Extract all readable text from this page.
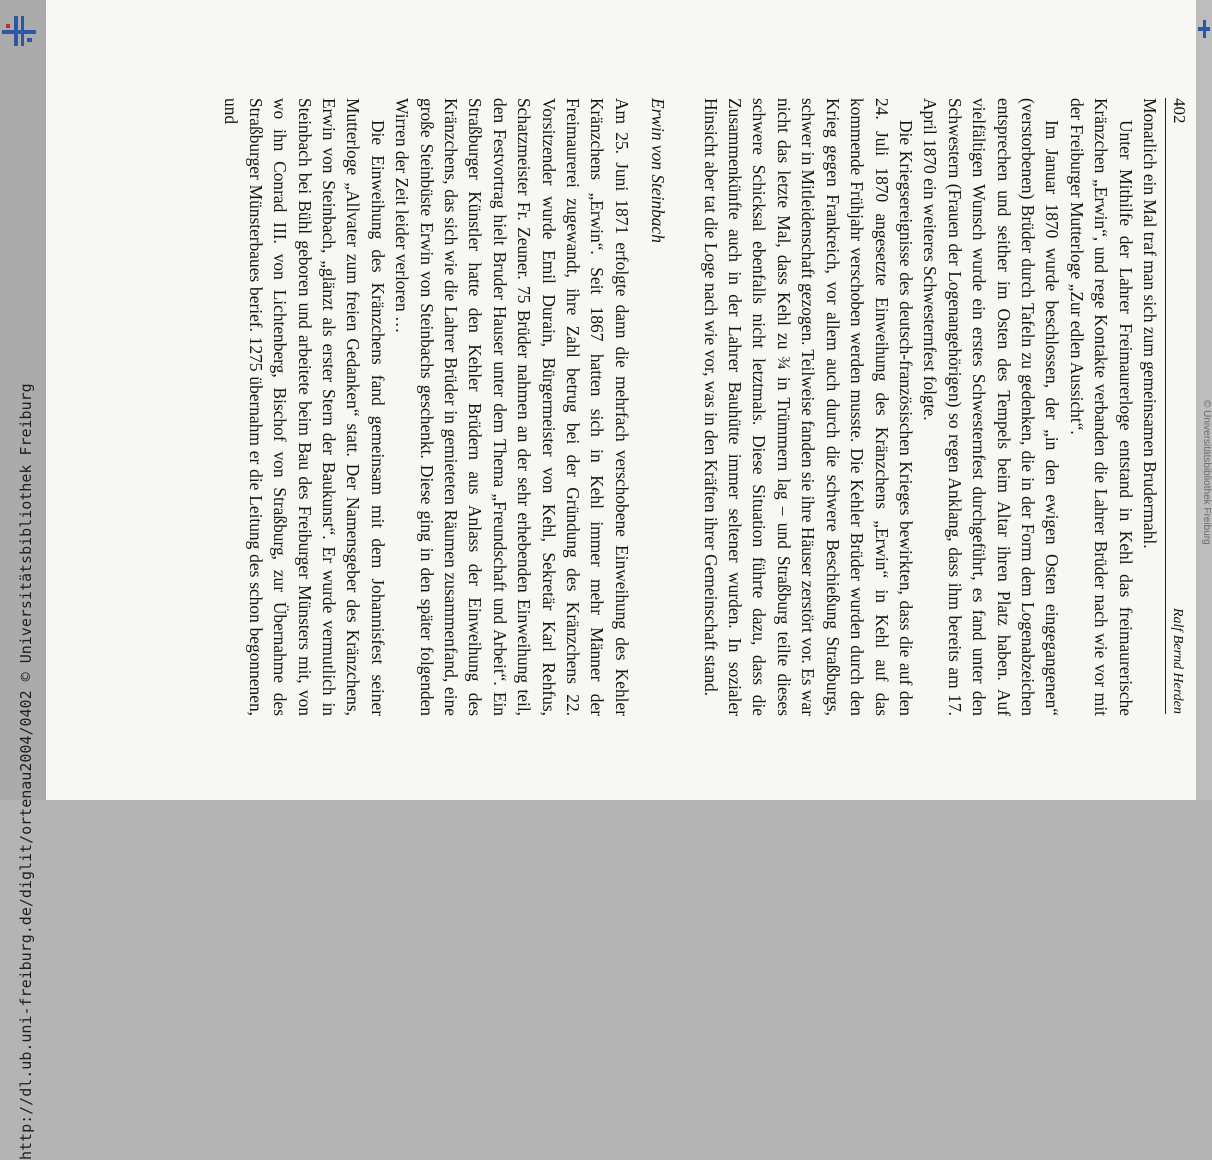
http://dl.ub.uni-freiburg.de/diglit/ortenau2004/0402 © Universitätsbibliothek Freiburg	© Universitätsbibliothek Freiburg
402
Ralf Bernd Herden

Monatlich ein Mal traf man sich zum gemeinsamen Brudermahl.

Unter Mithilfe der Lahrer Freimaurerloge entstand in Kehl das freimaurerische Kränzchen „Erwin“, und rege Kontakte verbanden die Lahrer Brüder nach wie vor mit der Freiburger Mutterloge „Zur edlen Aussicht“.

Im Januar 1870 wurde beschlossen, der „in den ewigen Osten eingegangenen“ (verstorbenen) Brüder durch Tafeln zu gedenken, die in der Form dem Logenabzeichen entsprechen und seither im Osten des Tempels beim Altar ihren Platz haben. Auf vielfältigen Wunsch wurde ein erstes Schwesternfest durchgeführt, es fand unter den Schwestern (Frauen der Logenangehörigen) so regen Anklang, dass ihm bereits am 17. April 1870 ein weiteres Schwesternfest folgte.

Die Kriegsereignisse des deutsch-französischen Krieges bewirkten, dass die auf den 24. Juli 1870 angesetzte Einweihung des Kränzchens „Erwin“ in Kehl auf das kommende Frühjahr verschoben werden musste. Die Kehler Brüder wurden durch den Krieg gegen Frankreich, vor allem auch durch die schwere Beschießung Straßburgs, schwer in Mitleidenschaft gezogen. Teilweise fanden sie ihre Häuser zerstört vor. Es war nicht das letzte Mal, dass Kehl zu ¾ in Trümmern lag – und Straßburg teilte dieses schwere Schicksal ebenfalls nicht letztmals. Diese Situation führte dazu, dass die Zusammenkünfte auch in der Lahrer Bauhütte immer seltener wurden. In sozialer Hinsicht aber tat die Loge nach wie vor, was in den Kräften ihrer Gemeinschaft stand.

Erwin von Steinbach

Am 25. Juni 1871 erfolgte dann die mehrfach verschobene Einweihung des Kehler Kränzchens „Erwin“. Seit 1867 hatten sich in Kehl immer mehr Männer der Freimaurerei zugewandt, ihre Zahl betrug bei der Gründung des Kränzchens 22. Vorsitzender wurde Emil Durain, Bürgermeister von Kehl, Sekretär Karl Rehfus, Schatzmeister Fr. Zeuner. 75 Brüder nahmen an der sehr erhebenden Einweihung teil, den Festvortrag hielt Bruder Hauser unter dem Thema „Freundschaft und Arbeit“. Ein Straßburger Künstler hatte den Kehler Brüdern aus Anlass der Einweihung des Kränzchens, das sich wie die Lahrer Brüder in gemieteten Räumen zusammenfand, eine große Steinbüste Erwin von Steinbachs geschenkt. Diese ging in den später folgenden Wirren der Zeit leider verloren …

Die Einweihung des Kränzchens fand gemeinsam mit dem Johannisfest seiner Mutterloge „Allvater zum freien Gedanken“ statt. Der Namensgeber des Kränzchens, Erwin von Steinbach, „glänzt als erster Stern der Baukunst“. Er wurde vermutlich in Steinbach bei Bühl geboren und arbeitete beim Bau des Freiburger Münsters mit, von wo ihn Conrad III. von Lichtenberg, Bischof von Straßburg, zur Übernahme des Straßburger Münsterbaues berief. 1275 übernahm er die Leitung des schon begonnenen, und
